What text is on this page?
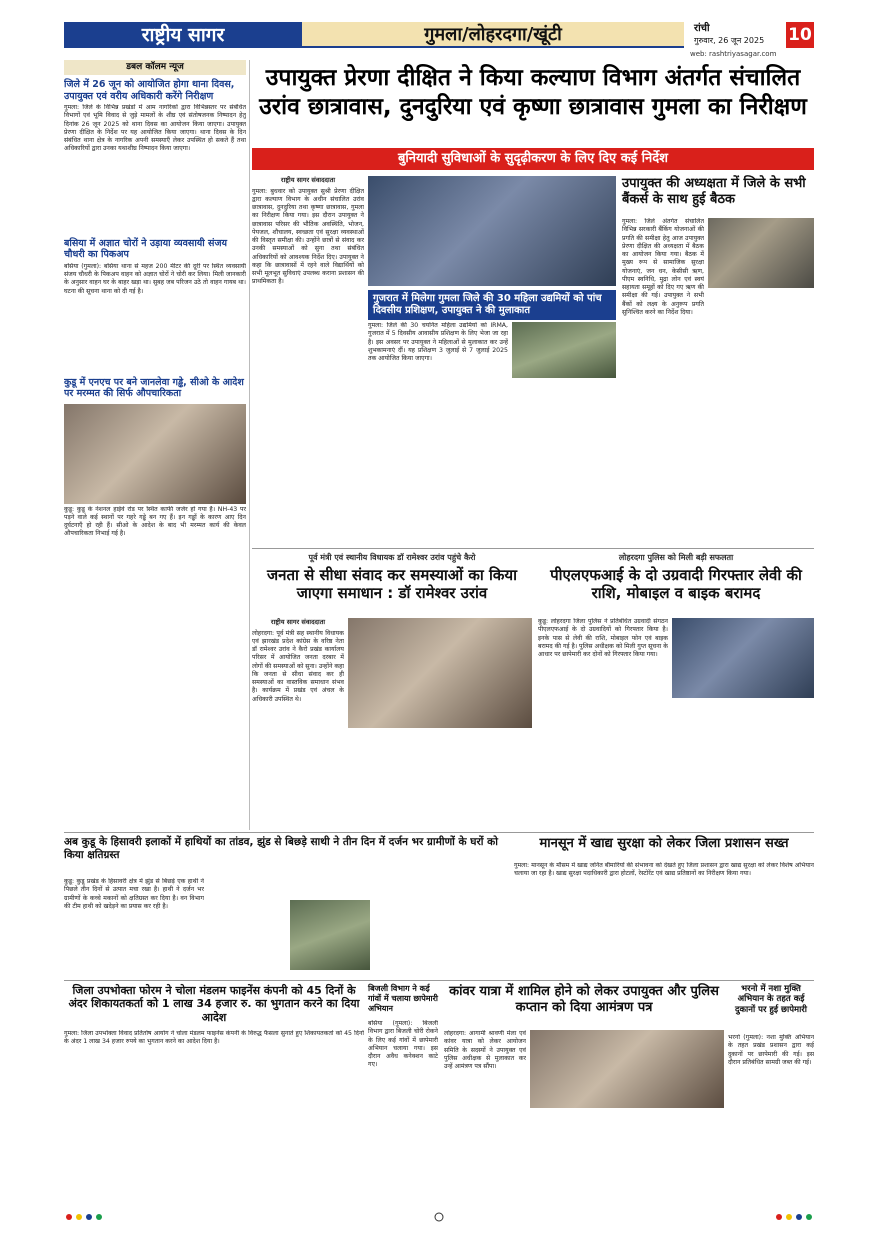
राष्ट्रीय सागर	गुमला/लोहरदगा/खूंटी	रांची
गुरुवार, 26 जून 2025	10
web: rashtriyasagar.com
डबल कॉलम न्यूज
जिले में 26 जून को आयोजित होगा थाना दिवस, उपायुक्त एवं वरीय अधिकारी करेंगे निरीक्षण
गुमला: जिले के विभिन्न प्रखंडों में आम नागरिकों द्वारा विभिन्नस्तर पर संबंधित विभागों एवं भूमि विवाद से जुड़े मामलों के शीघ्र एवं संतोषजनक निष्पादन हेतु दिनांक 26 जून 2025 को थाना दिवस का आयोजन किया जाएगा। उपायुक्त प्रेरणा दीक्षित के निर्देश पर यह आयोजित किया जाएगा। थाना दिवस के दिन संबंधित थाना क्षेत्र के नागरिक अपनी समस्याएँ लेकर उपस्थित हो सकते हैं तथा अधिकारियों द्वारा उनका यथाशीघ्र निष्पादन किया जाएगा।
बसिया में अज्ञात चोरों ने उड़ाया व्यवसायी संजय चौधरी का पिकअप
बसिया (गुमला): बसिया थाना से महज 200 मीटर की दूरी पर स्थित व्यवसायी संजय चौधरी के पिकअप वाहन को अज्ञात चोरों ने चोरी कर लिया। मिली जानकारी के अनुसार वाहन घर के बाहर खड़ा था। सुबह जब परिजन उठे तो वाहन गायब था। घटना की सूचना थाना को दी गई है।
कुडू में एनएच पर बने जानलेवा गड्ढे, सीओ के आदेश पर मरम्मत की सिर्फ औपचारिकता
कुडू: कुडू के नेशनल हाईवे रोड पर स्थित काफी जर्जर हो गया है। NH-43 पर पड़ने वाले कई स्थानों पर गहरे गड्ढे बन गए हैं। इन गड्ढों के कारण आए दिन दुर्घटनाएँ हो रही हैं। सीओ के आदेश के बाद भी मरम्मत कार्य की केवल औपचारिकता निभाई गई है।
उपायुक्त प्रेरणा दीक्षित ने किया कल्याण विभाग अंतर्गत संचालित उरांव छात्रावास, दुनदुरिया एवं कृष्णा छात्रावास गुमला का निरीक्षण
बुनियादी सुविधाओं के सुदृढ़ीकरण के लिए दिए कई निर्देश
राष्ट्रीय सागर संवाददाता
गुमला: बुधवार को उपायुक्त सुश्री प्रेरणा दीक्षित द्वारा कल्याण विभाग के अधीन संचालित उरांव छात्रावास, दुनदुरिया तथा कृष्णा छात्रावास, गुमला का निरीक्षण किया गया। इस दौरान उपायुक्त ने छात्रावास परिसर की भौतिक अवस्थिति, भोजन, पेयजल, शौचालय, स्वच्छता एवं सुरक्षा व्यवस्थाओं की विस्तृत समीक्षा की। उन्होंने छात्रों से संवाद कर उनकी समस्याओं को सुना तथा संबंधित अधिकारियों को आवश्यक निर्देश दिए। उपायुक्त ने कहा कि छात्रावासों में रहने वाले विद्यार्थियों को सभी मूलभूत सुविधाएं उपलब्ध कराना प्रशासन की प्राथमिकता है।
गुजरात में मिलेगा गुमला जिले की 30 महिला उद्यमियों को पांच दिवसीय प्रशिक्षण, उपायुक्त ने की मुलाकात
गुमला: जिले की 30 चयनित महिला उद्यमियों को IRMA, गुजरात में 5 दिवसीय आवासीय प्रशिक्षण के लिए भेजा जा रहा है। इस अवसर पर उपायुक्त ने महिलाओं से मुलाकात कर उन्हें शुभकामनाएं दीं। यह प्रशिक्षण 3 जुलाई से 7 जुलाई 2025 तक आयोजित किया जाएगा।
उपायुक्त की अध्यक्षता में जिले के सभी बैंकर्स के साथ हुई बैठक
गुमला: जिले अंतर्गत संचालित विभिन्न सरकारी बैंकिंग योजनाओं की प्रगति की समीक्षा हेतु आज उपायुक्त प्रेरणा दीक्षित की अध्यक्षता में बैठक का आयोजन किया गया। बैठक में मुख्य रूप से सामाजिक सुरक्षा योजनाएं, जन धन, केसीसी ऋण, पीएम स्वनिधि, मुद्रा लोन एवं स्वयं सहायता समूहों को दिए गए ऋण की समीक्षा की गई। उपायुक्त ने सभी बैंकों को लक्ष्य के अनुरूप प्रगति सुनिश्चित करने का निर्देश दिया।
पूर्व मंत्री एवं स्थानीय विधायक डॉ रामेश्वर उरांव पहुंचे कैरो
जनता से सीधा संवाद कर समस्याओं का किया जाएगा समाधान : डॉ रामेश्वर उरांव
राष्ट्रीय सागर संवाददाता
लोहरदगा: पूर्व मंत्री सह स्थानीय विधायक एवं झारखंड प्रदेश कांग्रेस के वरिष्ठ नेता डॉ रामेश्वर उरांव ने कैरो प्रखंड कार्यालय परिसर में आयोजित जनता दरबार में लोगों की समस्याओं को सुना। उन्होंने कहा कि जनता से सीधा संवाद कर ही समस्याओं का वास्तविक समाधान संभव है। कार्यक्रम में प्रखंड एवं अंचल के अधिकारी उपस्थित थे।
लोहरदगा पुलिस को मिली बड़ी सफलता
पीएलएफआई के दो उग्रवादी गिरफ्तार लेवी की राशि, मोबाइल व बाइक बरामद
कुडू: लोहरदगा जिला पुलिस ने प्रतिबंधित उग्रवादी संगठन पीएलएफआई के दो उग्रवादियों को गिरफ्तार किया है। इनके पास से लेवी की राशि, मोबाइल फोन एवं बाइक बरामद की गई है। पुलिस अधीक्षक को मिली गुप्त सूचना के आधार पर छापेमारी कर दोनों को गिरफ्तार किया गया।
अब कुडू के हिसावरी इलाकों में हाथियों का तांडव, झुंड से बिछड़े साथी ने तीन दिन में दर्जन भर ग्रामीणों के घरों को किया क्षतिग्रस्त
कुडू: कुडू प्रखंड के हिसावरी क्षेत्र में झुंड से बिछड़े एक हाथी ने पिछले तीन दिनों से उत्पात मचा रखा है। हाथी ने दर्जन भर ग्रामीणों के कच्चे मकानों को क्षतिग्रस्त कर दिया है। वन विभाग की टीम हाथी को खदेड़ने का प्रयास कर रही है।
मानसून में खाद्य सुरक्षा को लेकर जिला प्रशासन सख्त
गुमला: मानसून के मौसम में खाद्य जनित बीमारियों की संभावना को देखते हुए जिला प्रशासन द्वारा खाद्य सुरक्षा को लेकर विशेष अभियान चलाया जा रहा है। खाद्य सुरक्षा पदाधिकारी द्वारा होटलों, रेस्टोरेंट एवं खाद्य प्रतिष्ठानों का निरीक्षण किया गया।
जिला उपभोक्ता फोरम ने चोला मंडलम फाइनेंस कंपनी को 45 दिनों के अंदर शिकायतकर्ता को 1 लाख 34 हजार रु. का भुगतान करने का दिया आदेश
गुमला: जिला उपभोक्ता विवाद प्रतितोष आयोग ने चोला मंडलम फाइनेंस कंपनी के विरुद्ध फैसला सुनाते हुए शिकायतकर्ता को 45 दिनों के अंदर 1 लाख 34 हजार रुपये का भुगतान करने का आदेश दिया है।
बिजली विभाग ने कई गांवों में चलाया छापेमारी अभियान
बसिया (गुमला): बिजली विभाग द्वारा बिजली चोरी रोकने के लिए कई गांवों में छापेमारी अभियान चलाया गया। इस दौरान अवैध कनेक्शन काटे गए।
कांवर यात्रा में शामिल होने को लेकर उपायुक्त और पुलिस कप्तान को दिया आमंत्रण पत्र
लोहरदगा: आगामी श्रावणी मेला एवं कांवर यात्रा को लेकर आयोजन समिति के सदस्यों ने उपायुक्त एवं पुलिस अधीक्षक से मुलाकात कर उन्हें आमंत्रण पत्र सौंपा।
भरनो में नशा मुक्ति अभियान के तहत कई दुकानों पर हुई छापेमारी
भरनो (गुमला): नशा मुक्ति अभियान के तहत प्रखंड प्रशासन द्वारा कई दुकानों पर छापेमारी की गई। इस दौरान प्रतिबंधित सामग्री जब्त की गई।
